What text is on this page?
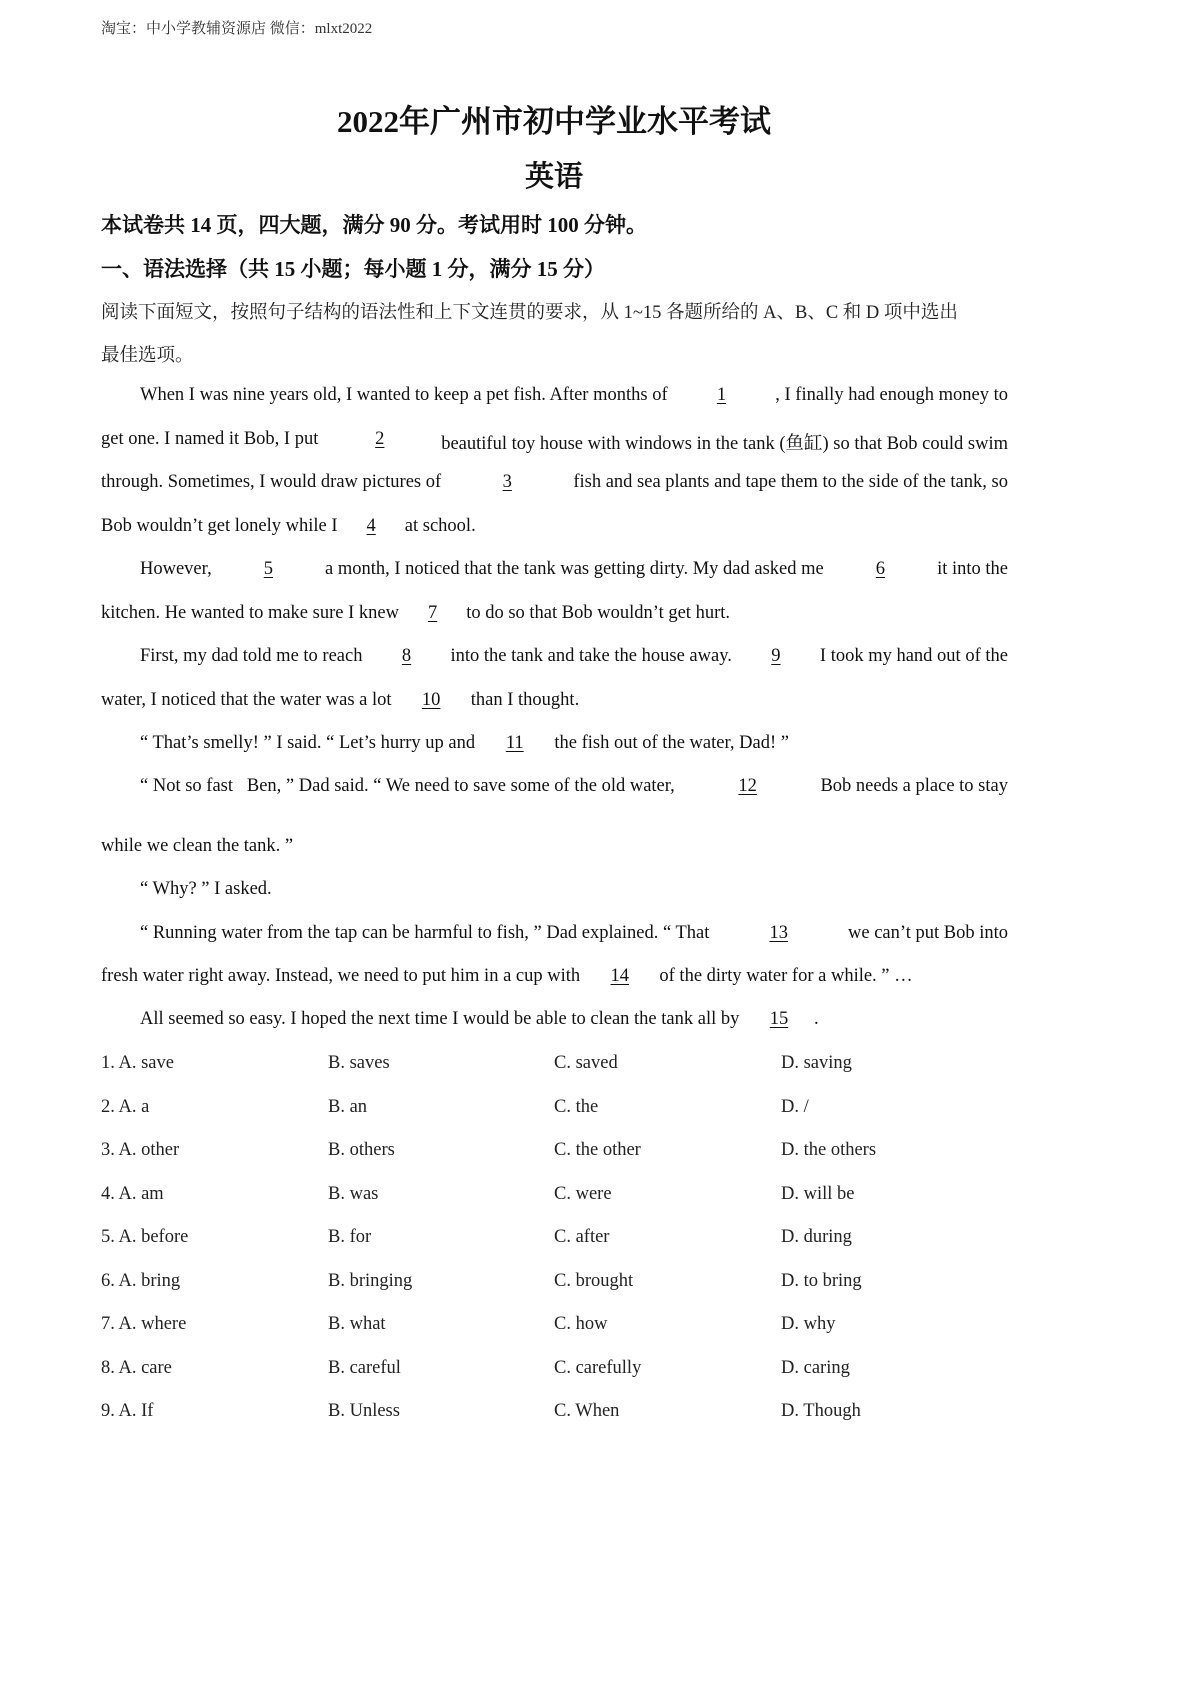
淘宝：中小学教辅资源店 微信：mlxt2022
2022年广州市初中学业水平考试
英语
本试卷共 14 页，四大题，满分 90 分。考试用时 100 分钟。
一、语法选择（共 15 小题；每小题 1 分，满分 15 分）
阅读下面短文，按照句子结构的语法性和上下文连贯的要求，从 1~15 各题所给的 A、B、C 和 D 项中选出
最佳选项。
When I was nine years old, I wanted to keep a pet fish. After months of	1	, I finally had enough money to
get one. I named it Bob, I put	2	beautiful toy house with windows in the tank (鱼缸) so that Bob could swim
through. Sometimes, I would draw pictures of	3	fish and sea plants and tape them to the side of the tank, so
Bob wouldn’t get lonely while I 4 at school.
However,	5	a month, I noticed that the tank was getting dirty. My dad asked me	6	it into the
kitchen. He wanted to make sure I knew 7 to do so that Bob wouldn’t get hurt.
First, my dad told me to reach	8	into the tank and take the house away.	9	I took my hand out of the
water, I noticed that the water was a lot 10 than I thought.
“ That’s smelly! ” I said. “ Let’s hurry up and 11 the fish out of the water, Dad! ”
“ Not so fast   Ben, ” Dad said. “ We need to save some of the old water,	12	Bob needs a place to stay
while we clean the tank. ”
“ Why? ” I asked.
“ Running water from the tap can be harmful to fish, ” Dad explained. “ That	13	we can’t put Bob into
fresh water right away. Instead, we need to put him in a cup with 14 of the dirty water for a while. ” …
All seemed so easy. I hoped the next time I would be able to clean the tank all by 15 .
1. A. save	B. saves	C. saved	D. saving
2. A. a	B. an	C. the	D. /
3. A. other	B. others	C. the other	D. the others
4. A. am	B. was	C. were	D. will be
5. A. before	B. for	C. after	D. during
6. A. bring	B. bringing	C. brought	D. to bring
7. A. where	B. what	C. how	D. why
8. A. care	B. careful	C. carefully	D. caring
9. A. If	B. Unless	C. When	D. Though
